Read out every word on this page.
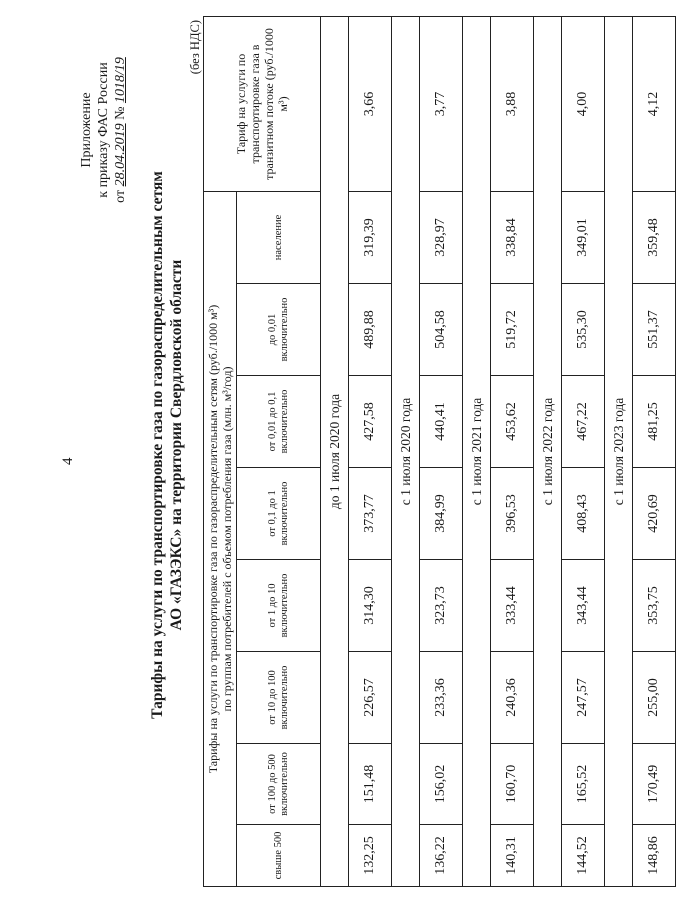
4
Приложение к приказу ФАС России от 28.04.2019 № 1018/19
Тарифы на услуги по транспортировке газа по газораспределительным сетям АО «ГАЗЭКС» на территории Свердловской области
(без НДС)
Тарифы на услуги по транспортировке газа по газораспределительным сетям (руб./1000 м³) по группам потребителей с объемом потребления газа (млн. м³/год)								Тариф на услуги по транспортировке газа в транзитном потоке (руб./1000 м³)
свыше 500	от 100 до 500 включительно	от 10 до 100 включительно	от 1 до 10 включительно	от 0,1 до 1 включительно	от 0,01 до 0,1 включительно	до 0,01 включительно	население	
до 1 июля 2020 года								
132,25	151,48	226,57	314,30	373,77	427,58	489,88	319,39	3,66
с 1 июля 2020 года								
136,22	156,02	233,36	323,73	384,99	440,41	504,58	328,97	3,77
с 1 июля 2021 года								
140,31	160,70	240,36	333,44	396,53	453,62	519,72	338,84	3,88
с 1 июля 2022 года								
144,52	165,52	247,57	343,44	408,43	467,22	535,30	349,01	4,00
с 1 июля 2023 года								
148,86	170,49	255,00	353,75	420,69	481,25	551,37	359,48	4,12
